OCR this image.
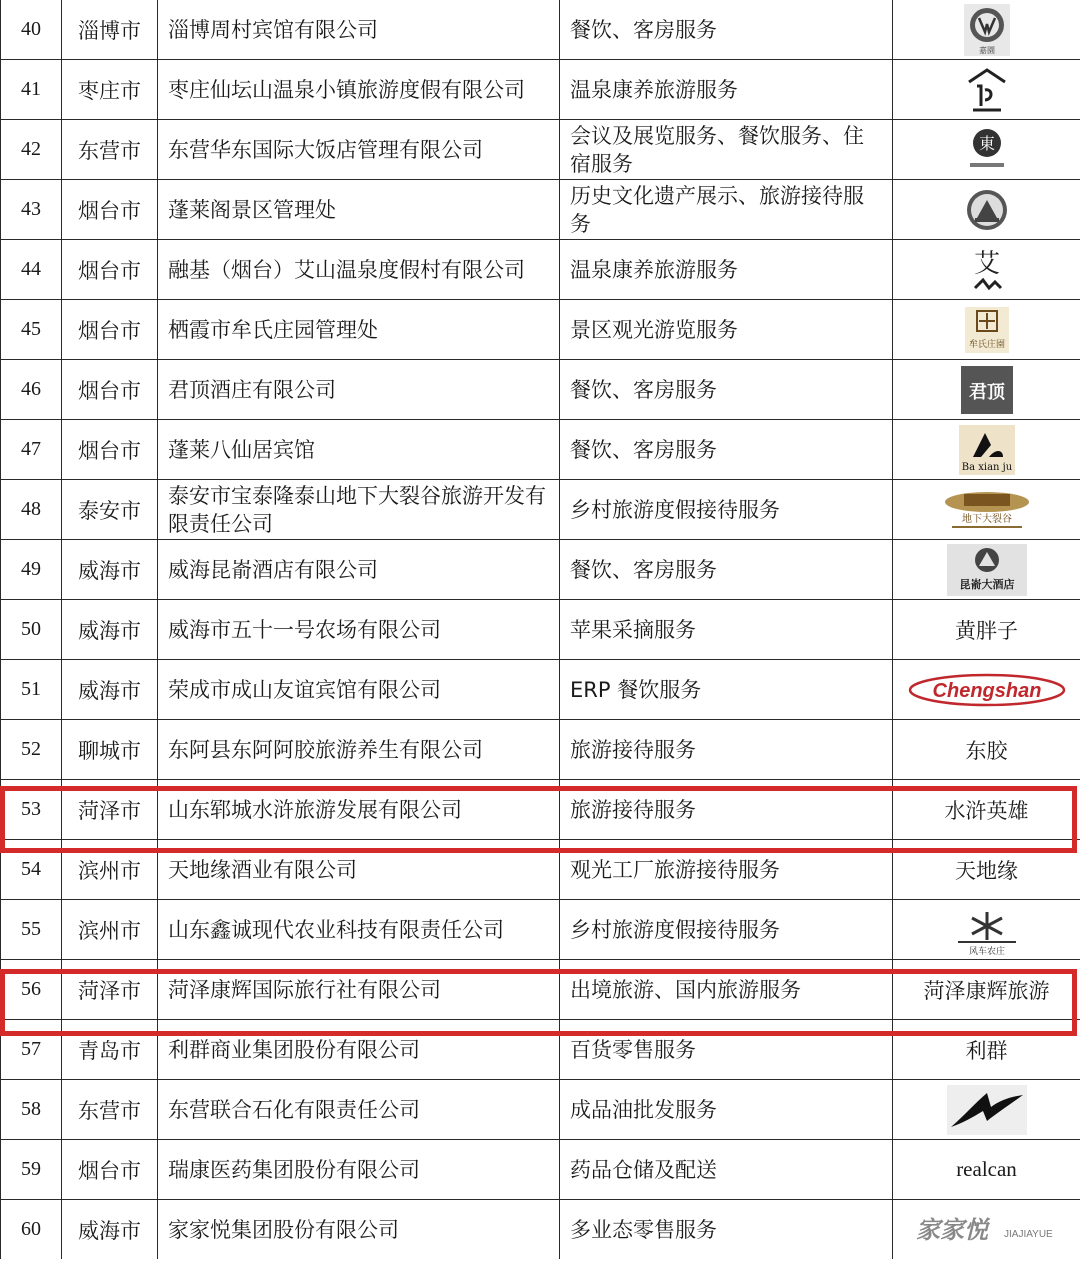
40	淄博市	淄博周村宾馆有限公司	餐饮、客房服务	嘉園

41	枣庄市	枣庄仙坛山温泉小镇旅游度假有限公司	温泉康养旅游服务	

42	东营市	东营华东国际大饭店管理有限公司	会议及展览服务、餐饮服务、住宿服务	東

43	烟台市	蓬莱阁景区管理处	历史文化遗产展示、旅游接待服务	

44	烟台市	融基（烟台）艾山温泉度假村有限公司	温泉康养旅游服务	艾

45	烟台市	栖霞市牟氏庄园管理处	景区观光游览服务	牟氏庄園

46	烟台市	君顶酒庄有限公司	餐饮、客房服务	君顶

47	烟台市	蓬莱八仙居宾馆	餐饮、客房服务	Ba xian ju

48	泰安市	泰安市宝泰隆泰山地下大裂谷旅游开发有限责任公司	乡村旅游度假接待服务	地下大裂谷

49	威海市	威海昆嵛酒店有限公司	餐饮、客房服务	昆嵛大酒店

50	威海市	威海市五十一号农场有限公司	苹果采摘服务	黄胖子
51	威海市	荣成市成山友谊宾馆有限公司	ERP 餐饮服务	Chengshan

52	聊城市	东阿县东阿阿胶旅游养生有限公司	旅游接待服务	东胶
53	菏泽市	山东郓城水浒旅游发展有限公司	旅游接待服务	水浒英雄
54	滨州市	天地缘酒业有限公司	观光工厂旅游接待服务	天地缘
55	滨州市	山东鑫诚现代农业科技有限责任公司	乡村旅游度假接待服务	风车农庄

56	菏泽市	菏泽康辉国际旅行社有限公司	出境旅游、国内旅游服务	菏泽康辉旅游
57	青岛市	利群商业集团股份有限公司	百货零售服务	利群
58	东营市	东营联合石化有限责任公司	成品油批发服务	

59	烟台市	瑞康医药集团股份有限公司	药品仓储及配送	realcan
60	威海市	家家悦集团股份有限公司	多业态零售服务	家家悦 JIAJIAYUE
